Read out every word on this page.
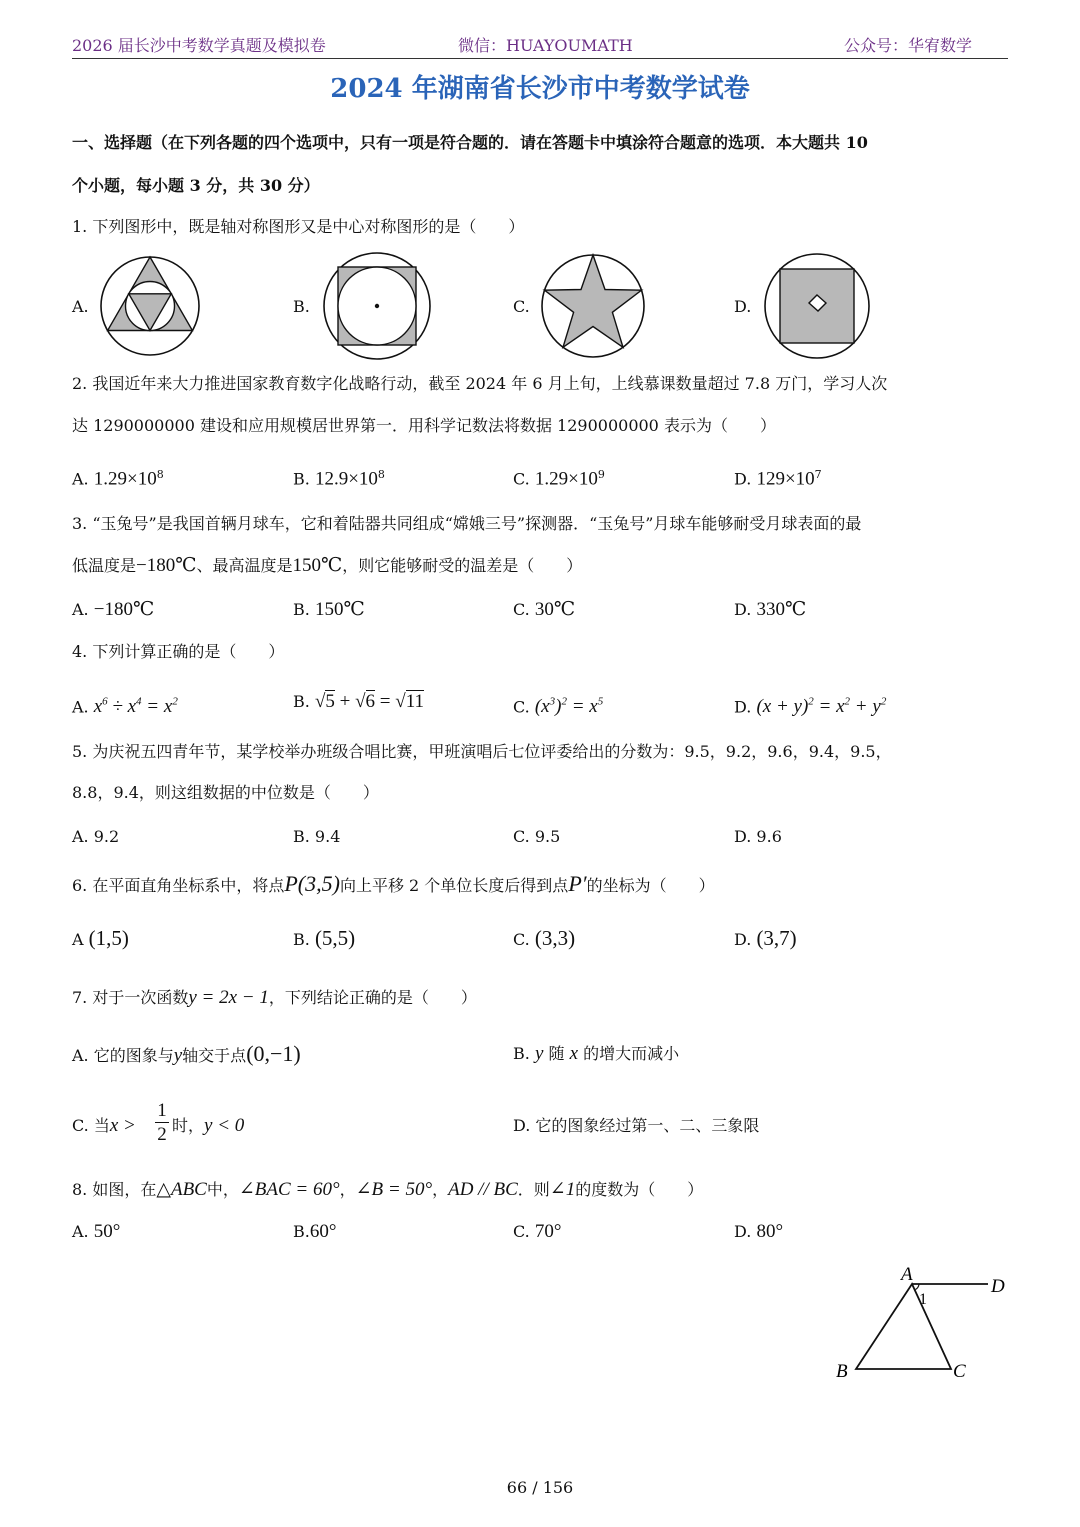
2026 届长沙中考数学真题及模拟卷	微信：HUAYOUMATH	公众号：华宥数学
2024 年湖南省长沙市中考数学试卷
一、选择题（在下列各题的四个选项中，只有一项是符合题的．请在答题卡中填涂符合题意的选项．本大题共 10
个小题，每小题 3 分，共 30 分）
1. 下列图形中，既是轴对称图形又是中心对称图形的是（　　）
A.	B.	C.	D.
2. 我国近年来大力推进国家教育数字化战略行动，截至 2024 年 6 月上旬，上线慕课数量超过 7.8 万门，学习人次
达 1290000000 建设和应用规模居世界第一．用科学记数法将数据 1290000000 表示为（　　）
A. $1.29\times 10^8$	B. $12.9\times 10^8$	C. $1.29\times 10^9$	D. $129\times 10^7$
3. “玉兔号”是我国首辆月球车，它和着陆器共同组成“嫦娥三号”探测器．“玉兔号”月球车能够耐受月球表面的最
低温度是−180℃、最高温度是150℃，则它能够耐受的温差是（　　）
A. −180℃	B. 150℃	C. 30℃	D. 330℃
4. 下列计算正确的是（　　）
A. $x^6 \div x^4 = x^2$	B. √5 + √6 = √11	C. $(x^3)^2 = x^5$	D. $(x + y)^2 = x^2 + y^2$
5. 为庆祝五四青年节，某学校举办班级合唱比赛，甲班演唱后七位评委给出的分数为：9.5，9.2，9.6，9.4，9.5，
8.8，9.4，则这组数据的中位数是（　　）
A. 9.2	B. 9.4	C. 9.5	D. 9.6
6. 在平面直角坐标系中，将点P(3,5)向上平移 2 个单位长度后得到点P′的坐标为（　　）
A (1,5)	B. (5,5)	C. (3,3)	D. (3,7)
7. 对于一次函数y = 2x − 1，下列结论正确的是（　　）
A. 它的图象与y轴交于点(0,−1)	B. y 随 x 的增大而减小
C. 当x >
1
2 时，y < 0	D. 它的图象经过第一、二、三象限
8. 如图，在△ABC中，∠BAC = 60°，∠B = 50°，AD // BC．则∠1的度数为（　　）
A. 50°	B.60°	C. 70°	D. 80°
A
D
B	C
1
66 / 156
